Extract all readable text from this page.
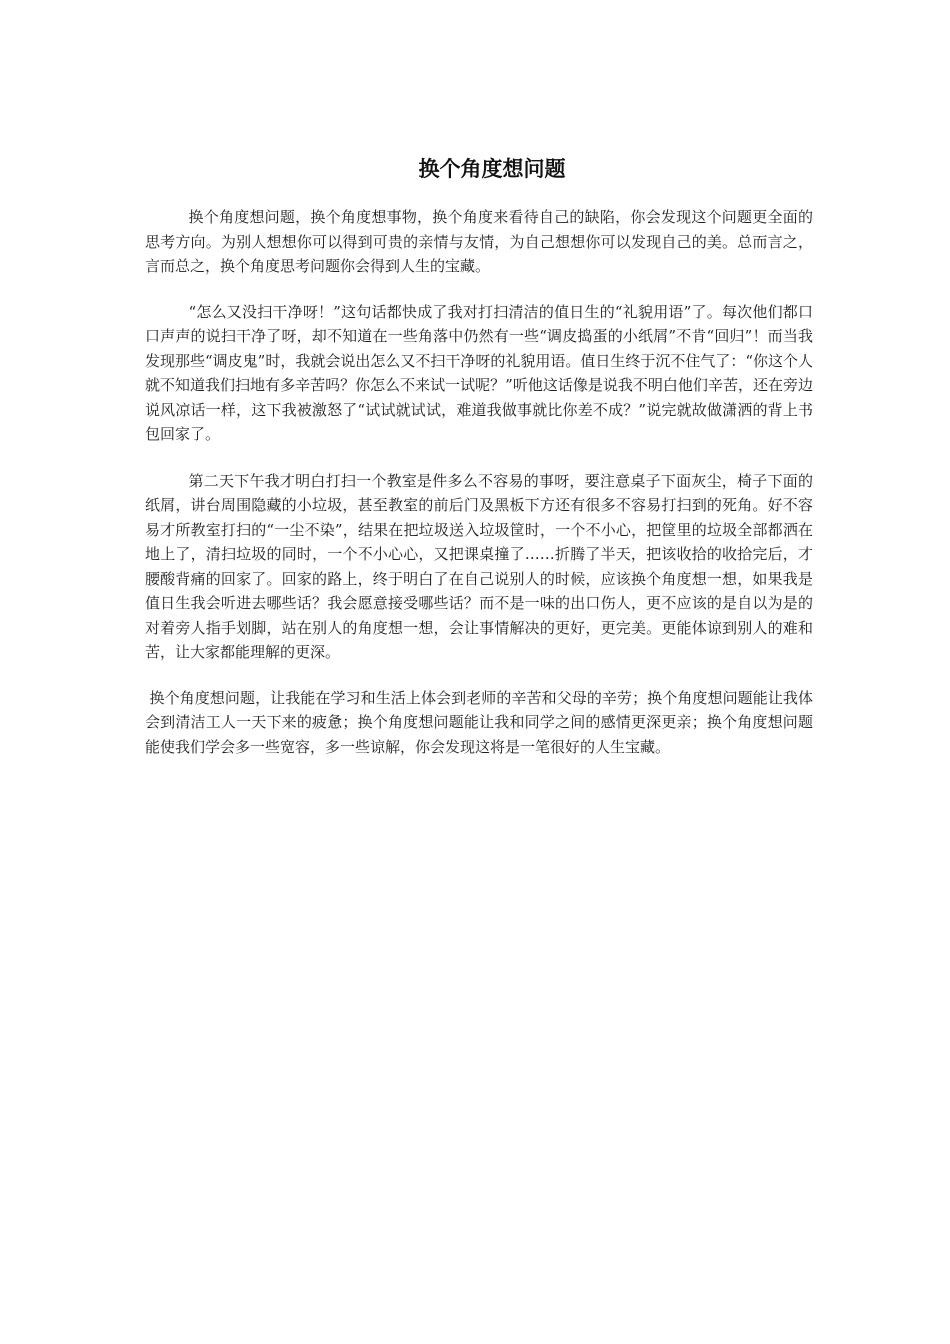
换个角度想问题

换个角度想问题，换个角度想事物，换个角度来看待自己的缺陷，你会发现这个问题更全面的思考方向。为别人想想你可以得到可贵的亲情与友情，为自己想想你可以发现自己的美。总而言之，言而总之，换个角度思考问题你会得到人生的宝藏。

“怎么又没扫干净呀！”这句话都快成了我对打扫清洁的值日生的“礼貌用语”了。每次他们都口口声声的说扫干净了呀，却不知道在一些角落中仍然有一些“调皮捣蛋的小纸屑”不肯“回归”！而当我发现那些“调皮鬼”时，我就会说出怎么又不扫干净呀的礼貌用语。值日生终于沉不住气了：“你这个人就不知道我们扫地有多辛苦吗？你怎么不来试一试呢？”听他这话像是说我不明白他们辛苦，还在旁边说风凉话一样，这下我被激怒了“试试就试试，难道我做事就比你差不成？”说完就故做潇洒的背上书包回家了。

第二天下午我才明白打扫一个教室是件多么不容易的事呀，要注意桌子下面灰尘，椅子下面的纸屑，讲台周围隐藏的小垃圾，甚至教室的前后门及黑板下方还有很多不容易打扫到的死角。好不容易才所教室打扫的“一尘不染”，结果在把垃圾送入垃圾筐时，一个不小心，把筐里的垃圾全部都洒在地上了，清扫垃圾的同时，一个不小心心，又把课桌撞了……折腾了半天，把该收拾的收拾完后，才腰酸背痛的回家了。回家的路上，终于明白了在自己说别人的时候，应该换个角度想一想，如果我是值日生我会听进去哪些话？我会愿意接受哪些话？而不是一味的出口伤人，更不应该的是自以为是的对着旁人指手划脚，站在别人的角度想一想，会让事情解决的更好，更完美。更能体谅到别人的难和苦，让大家都能理解的更深。

换个角度想问题，让我能在学习和生活上体会到老师的辛苦和父母的辛劳；换个角度想问题能让我体会到清洁工人一天下来的疲惫；换个角度想问题能让我和同学之间的感情更深更亲；换个角度想问题能使我们学会多一些宽容，多一些谅解，你会发现这将是一笔很好的人生宝藏。
